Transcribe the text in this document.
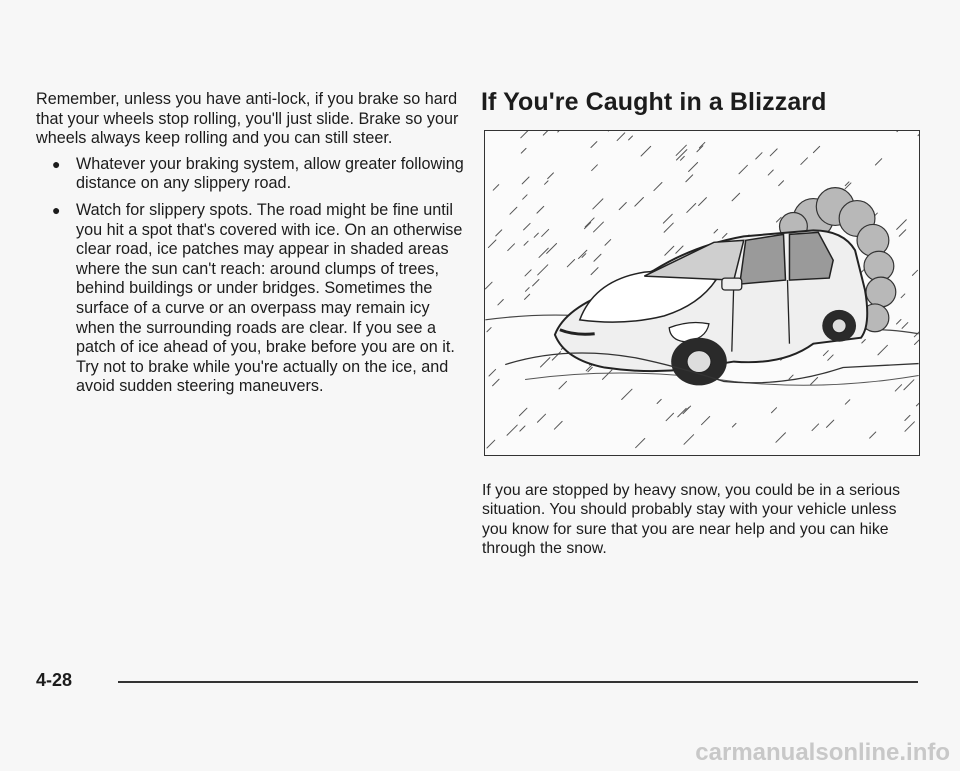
Remember, unless you have anti-lock, if you brake so hard that your wheels stop rolling, you'll just slide. Brake so your wheels always keep rolling and you can still steer.

● Whatever your braking system, allow greater following distance on any slippery road.
● Watch for slippery spots. The road might be fine until you hit a spot that's covered with ice. On an otherwise clear road, ice patches may appear in shaded areas where the sun can't reach: around clumps of trees, behind buildings or under bridges. Sometimes the surface of a curve or an overpass may remain icy when the surrounding roads are clear. If you see a patch of ice ahead of you, brake before you are on it. Try not to brake while you're actually on the ice, and avoid sudden steering maneuvers.
If You're Caught in a Blizzard

If you are stopped by heavy snow, you could be in a serious situation. You should probably stay with your vehicle unless you know for sure that you are near help and you can hike through the snow.

4-28
carmanualsonline.info
